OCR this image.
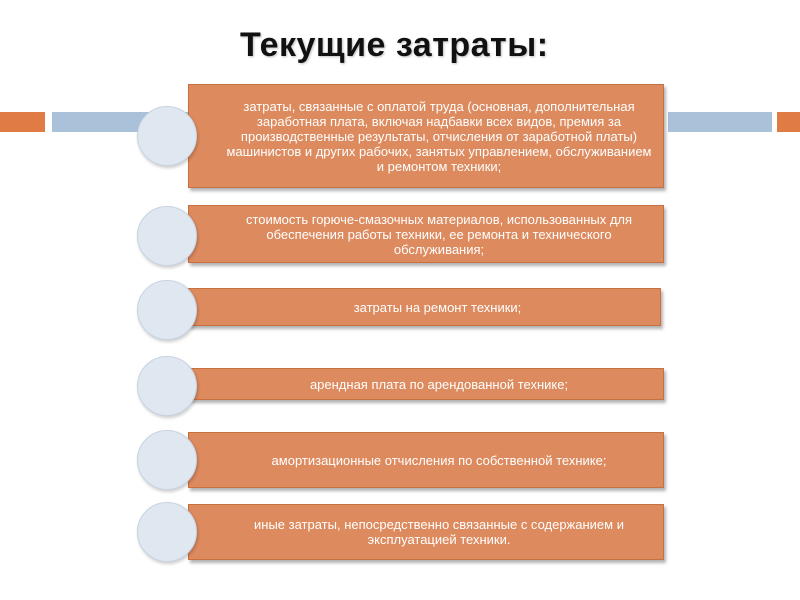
Текущие затраты:
затраты, связанные с оплатой труда (основная, дополнительная заработная плата, включая надбавки всех видов, премия за производственные результаты, отчисления от заработной платы) машинистов и других рабочих, занятых управлением, обслуживанием и ремонтом техники;
стоимость горюче-смазочных материалов, использованных для обеспечения работы техники, ее ремонта и технического обслуживания;
затраты на ремонт техники;
арендная плата по арендованной технике;
амортизационные отчисления по собственной технике;
иные затраты, непосредственно связанные с содержанием и эксплуатацией техники.
